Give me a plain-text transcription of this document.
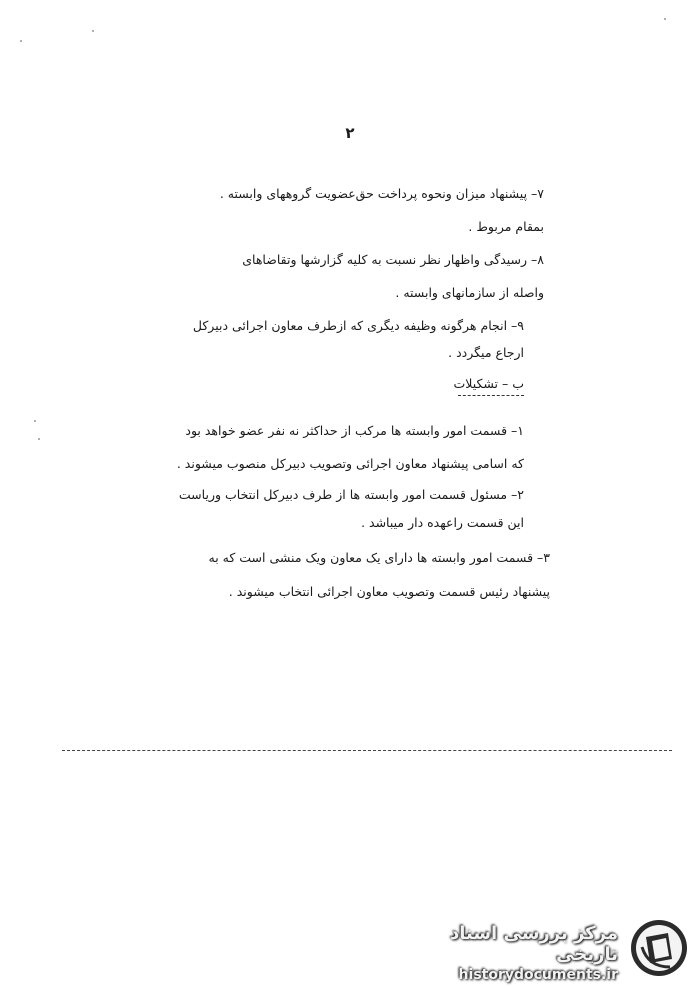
۲
۷– پیشنهاد میزان ونحوه پرداخت حق‌عضویت گروههای وابسته .
بمقام مربوط .
۸– رسیدگی واظهار نظر نسبت به کلیه گزارشها وتقاضاهای
واصله از سازمانهای وابسته .
۹– انجام هرگونه وظیفه دیگری که ازطرف معاون اجرائی دبیرکل
ارجاع میگردد .
ب – تشکیلات
۱– قسمت امور وابسته ها مرکب از حداکثر نه نفر عضو خواهد بود
که اسامی پیشنهاد معاون اجرائی وتصویب دبیرکل منصوب میشوند .
۲– مسئول قسمت امور وابسته ها از طرف دبیرکل انتخاب وریاست
این قسمت راعهده دار میباشد .
۳– قسمت امور وابسته ها دارای یک معاون ویک منشی است که به
پیشنهاد رئیس قسمت وتصویب معاون اجرائی انتخاب میشوند .
مرکز بررسی اسناد تاریخی
historydocuments.ir
